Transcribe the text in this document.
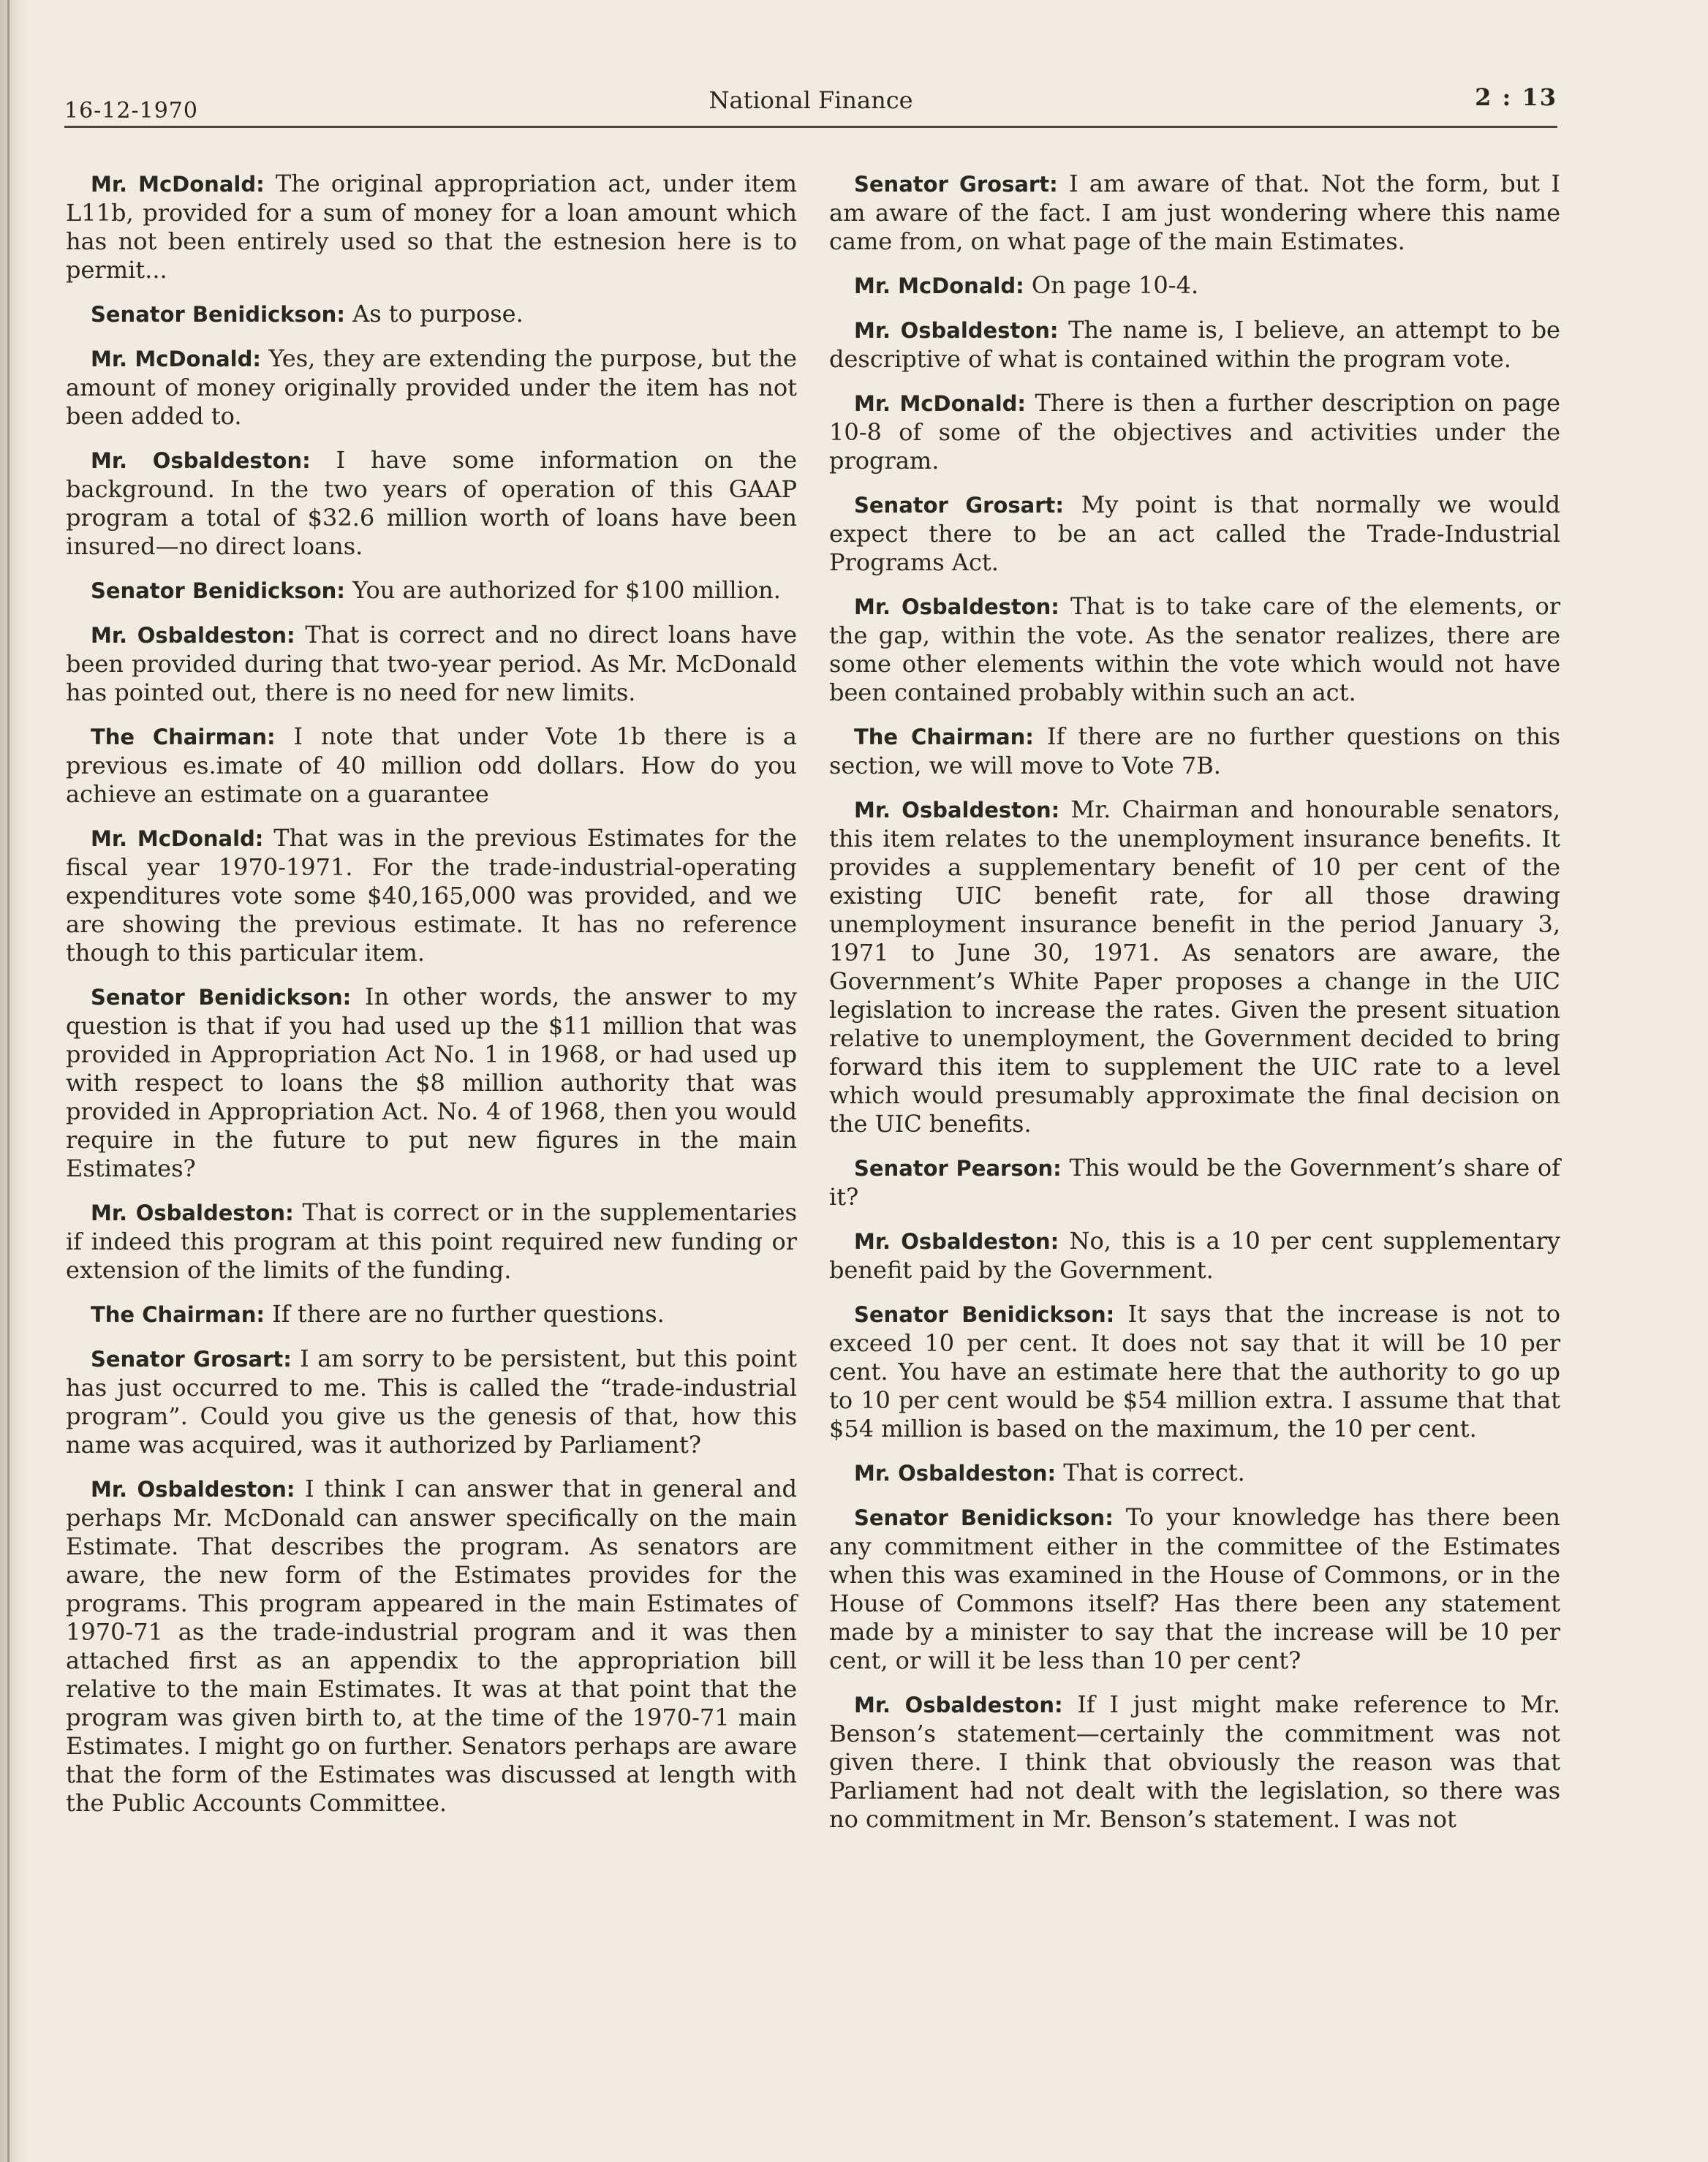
16-12-1970	National Finance	2 : 13

Mr. McDonald: The original appropriation act, under item L11b, provided for a sum of money for a loan amount which has not been entirely used so that the estnesion here is to permit...

Senator Benidickson: As to purpose.

Mr. McDonald: Yes, they are extending the purpose, but the amount of money originally provided under the item has not been added to.

Mr. Osbaldeston: I have some information on the background. In the two years of operation of this GAAP program a total of $32.6 million worth of loans have been insured—no direct loans.

Senator Benidickson: You are authorized for $100 million.

Mr. Osbaldeston: That is correct and no direct loans have been provided during that two-year period. As Mr. McDonald has pointed out, there is no need for new limits.

The Chairman: I note that under Vote 1b there is a previous es.imate of 40 million odd dollars. How do you achieve an estimate on a guarantee

Mr. McDonald: That was in the previous Estimates for the fiscal year 1970-1971. For the trade-industrial-operating expenditures vote some $40,165,000 was provided, and we are showing the previous estimate. It has no reference though to this particular item.

Senator Benidickson: In other words, the answer to my question is that if you had used up the $11 million that was provided in Appropriation Act No. 1 in 1968, or had used up with respect to loans the $8 million authority that was provided in Appropriation Act. No. 4 of 1968, then you would require in the future to put new figures in the main Estimates?

Mr. Osbaldeston: That is correct or in the supplementaries if indeed this program at this point required new funding or extension of the limits of the funding.

The Chairman: If there are no further questions.

Senator Grosart: I am sorry to be persistent, but this point has just occurred to me. This is called the “trade-industrial program”. Could you give us the genesis of that, how this name was acquired, was it authorized by Parliament?

Mr. Osbaldeston: I think I can answer that in general and perhaps Mr. McDonald can answer specifically on the main Estimate. That describes the program. As senators are aware, the new form of the Estimates provides for the programs. This program appeared in the main Estimates of 1970-71 as the trade-industrial program and it was then attached first as an appendix to the appropriation bill relative to the main Estimates. It was at that point that the program was given birth to, at the time of the 1970-71 main Estimates. I might go on further. Senators perhaps are aware that the form of the Estimates was discussed at length with the Public Accounts Committee.

Senator Grosart: I am aware of that. Not the form, but I am aware of the fact. I am just wondering where this name came from, on what page of the main Estimates.

Mr. McDonald: On page 10-4.

Mr. Osbaldeston: The name is, I believe, an attempt to be descriptive of what is contained within the program vote.

Mr. McDonald: There is then a further description on page 10-8 of some of the objectives and activities under the program.

Senator Grosart: My point is that normally we would expect there to be an act called the Trade-Industrial Programs Act.

Mr. Osbaldeston: That is to take care of the elements, or the gap, within the vote. As the senator realizes, there are some other elements within the vote which would not have been contained probably within such an act.

The Chairman: If there are no further questions on this section, we will move to Vote 7B.

Mr. Osbaldeston: Mr. Chairman and honourable senators, this item relates to the unemployment insurance benefits. It provides a supplementary benefit of 10 per cent of the existing UIC benefit rate, for all those drawing unemployment insurance benefit in the period January 3, 1971 to June 30, 1971. As senators are aware, the Government’s White Paper proposes a change in the UIC legislation to increase the rates. Given the present situation relative to unemployment, the Government decided to bring forward this item to supplement the UIC rate to a level which would presumably approximate the final decision on the UIC benefits.

Senator Pearson: This would be the Government’s share of it?

Mr. Osbaldeston: No, this is a 10 per cent supplementary benefit paid by the Government.

Senator Benidickson: It says that the increase is not to exceed 10 per cent. It does not say that it will be 10 per cent. You have an estimate here that the authority to go up to 10 per cent would be $54 million extra. I assume that that $54 million is based on the maximum, the 10 per cent.

Mr. Osbaldeston: That is correct.

Senator Benidickson: To your knowledge has there been any commitment either in the committee of the Estimates when this was examined in the House of Commons, or in the House of Commons itself? Has there been any statement made by a minister to say that the increase will be 10 per cent, or will it be less than 10 per cent?

Mr. Osbaldeston: If I just might make reference to Mr. Benson’s statement—certainly the commitment was not given there. I think that obviously the reason was that Parliament had not dealt with the legislation, so there was no commitment in Mr. Benson’s statement. I was not
